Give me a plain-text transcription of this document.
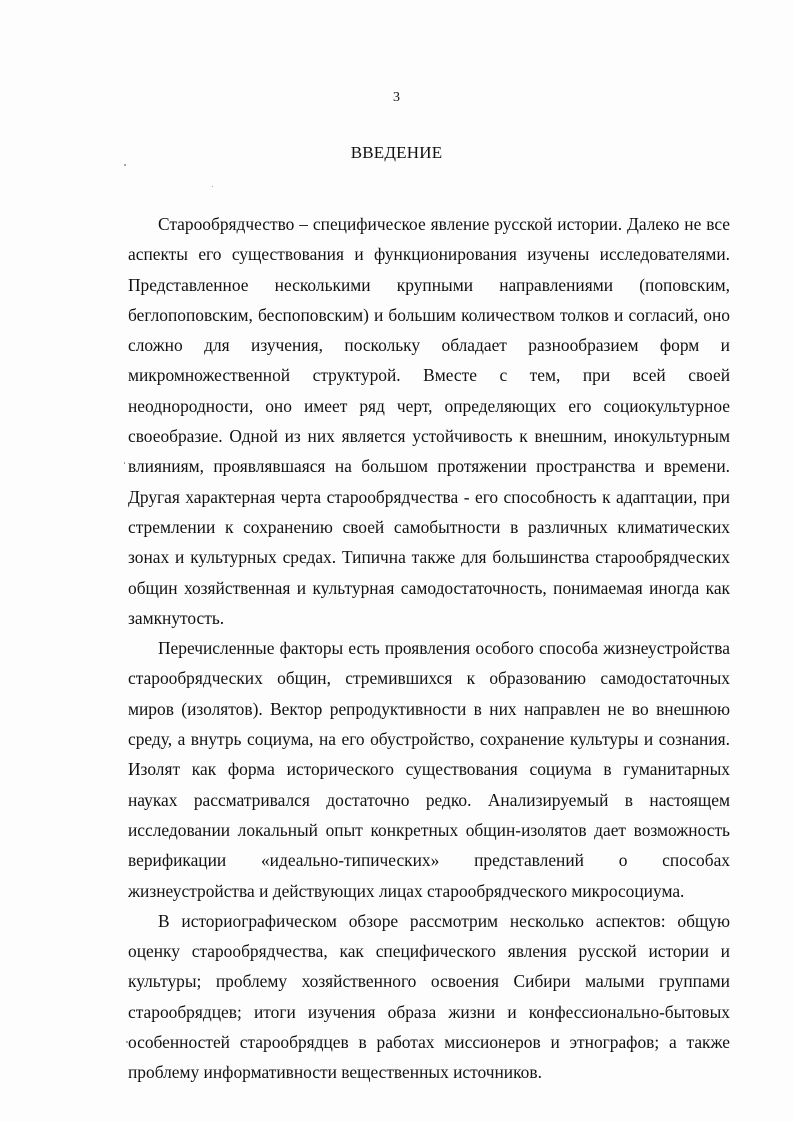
3
ВВЕДЕНИЕ

Старообрядчество – специфическое явление русской истории. Далеко не все аспекты его существования и функционирования изучены исследователями. Представленное несколькими крупными направлениями (поповским, беглопоповским, беспоповским) и большим количеством толков и согласий, оно сложно для изучения, поскольку обладает разнообразием форм и микромножественной структурой. Вместе с тем, при всей своей неоднородности, оно имеет ряд черт, определяющих его социокультурное своеобразие. Одной из них является устойчивость к внешним, инокультурным влияниям, проявлявшаяся на большом протяжении пространства и времени. Другая характерная черта старообрядчества - его способность к адаптации, при стремлении к сохранению своей самобытности в различных климатических зонах и культурных средах. Типична также для большинства старообрядческих общин хозяйственная и культурная самодостаточность, понимаемая иногда как замкнутость.

Перечисленные факторы есть проявления особого способа жизнеустройства старообрядческих общин, стремившихся к образованию самодостаточных миров (изолятов). Вектор репродуктивности в них направлен не во внешнюю среду, а внутрь социума, на его обустройство, сохранение культуры и сознания. Изолят как форма исторического существования социума в гуманитарных науках рассматривался достаточно редко. Анализируемый в настоящем исследовании локальный опыт конкретных общин-изолятов дает возможность верификации «идеально-типических» представлений о способах жизнеустройства и действующих лицах старообрядческого микросоциума.

В историографическом обзоре рассмотрим несколько аспектов: общую оценку старообрядчества, как специфического явления русской истории и культуры; проблему хозяйственного освоения Сибири малыми группами старообрядцев; итоги изучения образа жизни и конфессионально-бытовых особенностей старообрядцев в работах миссионеров и этнографов; а также проблему информативности вещественных источников.
